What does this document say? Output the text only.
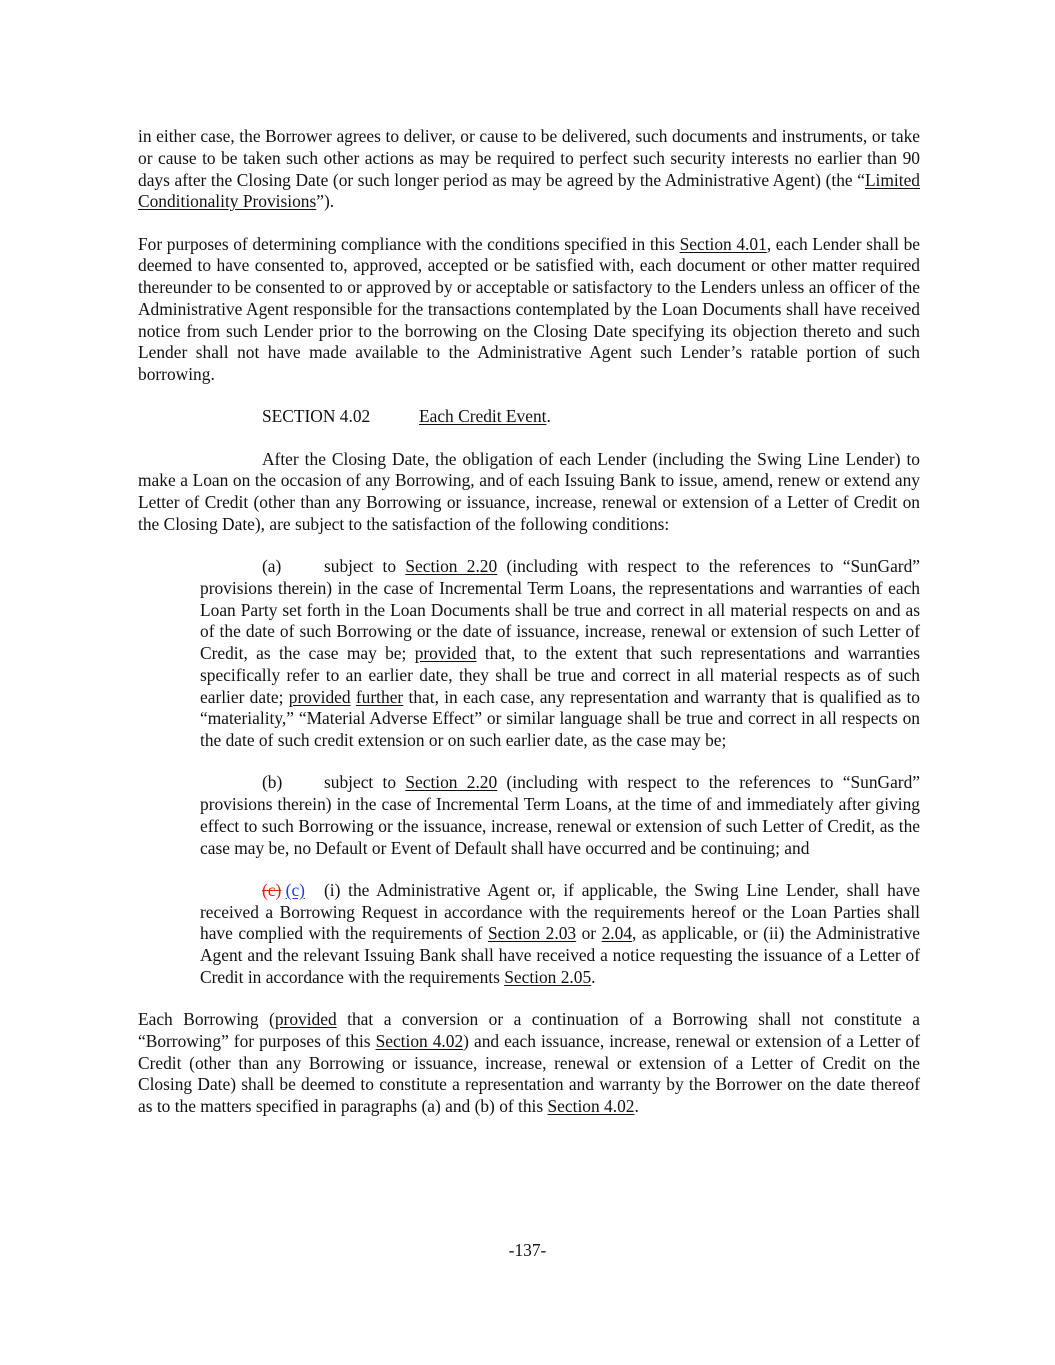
in either case, the Borrower agrees to deliver, or cause to be delivered, such documents and instruments, or take or cause to be taken such other actions as may be required to perfect such security interests no earlier than 90 days after the Closing Date (or such longer period as may be agreed by the Administrative Agent) (the “Limited Conditionality Provisions”).

For purposes of determining compliance with the conditions specified in this Section 4.01, each Lender shall be deemed to have consented to, approved, accepted or be satisfied with, each document or other matter required thereunder to be consented to or approved by or acceptable or satisfactory to the Lenders unless an officer of the Administrative Agent responsible for the transactions contemplated by the Loan Documents shall have received notice from such Lender prior to the borrowing on the Closing Date specifying its objection thereto and such Lender shall not have made available to the Administrative Agent such Lender’s ratable portion of such borrowing.

SECTION 4.02	Each Credit Event.

After the Closing Date, the obligation of each Lender (including the Swing Line Lender) to make a Loan on the occasion of any Borrowing, and of each Issuing Bank to issue, amend, renew or extend any Letter of Credit (other than any Borrowing or issuance, increase, renewal or extension of a Letter of Credit on the Closing Date), are subject to the satisfaction of the following conditions:

(a) subject to Section 2.20 (including with respect to the references to “SunGard” provisions therein) in the case of Incremental Term Loans, the representations and warranties of each Loan Party set forth in the Loan Documents shall be true and correct in all material respects on and as of the date of such Borrowing or the date of issuance, increase, renewal or extension of such Letter of Credit, as the case may be; provided that, to the extent that such representations and warranties specifically refer to an earlier date, they shall be true and correct in all material respects as of such earlier date; provided further that, in each case, any representation and warranty that is qualified as to “materiality,” “Material Adverse Effect” or similar language shall be true and correct in all respects on the date of such credit extension or on such earlier date, as the case may be;

(b) subject to Section 2.20 (including with respect to the references to “SunGard” provisions therein) in the case of Incremental Term Loans, at the time of and immediately after giving effect to such Borrowing or the issuance, increase, renewal or extension of such Letter of Credit, as the case may be, no Default or Event of Default shall have occurred and be continuing; and

(c) (c) (i) the Administrative Agent or, if applicable, the Swing Line Lender, shall have received a Borrowing Request in accordance with the requirements hereof or the Loan Parties shall have complied with the requirements of Section 2.03 or 2.04, as applicable, or (ii) the Administrative Agent and the relevant Issuing Bank shall have received a notice requesting the issuance of a Letter of Credit in accordance with the requirements Section 2.05.

Each Borrowing (provided that a conversion or a continuation of a Borrowing shall not constitute a “Borrowing” for purposes of this Section 4.02) and each issuance, increase, renewal or extension of a Letter of Credit (other than any Borrowing or issuance, increase, renewal or extension of a Letter of Credit on the Closing Date) shall be deemed to constitute a representation and warranty by the Borrower on the date thereof as to the matters specified in paragraphs (a) and (b) of this Section 4.02.

-137-
